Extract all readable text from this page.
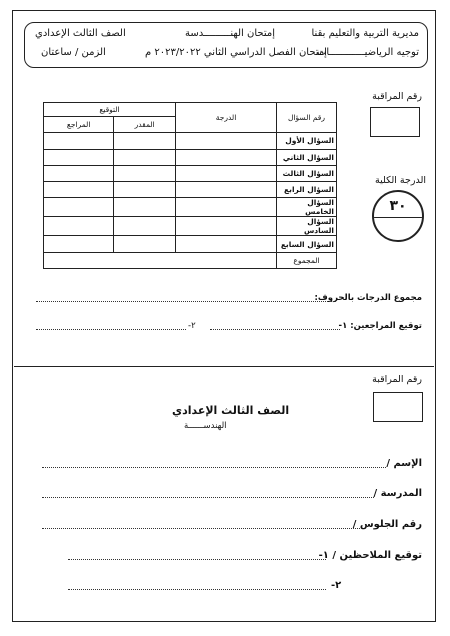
مديرية التربية والتعليم بقنا
توجيه الرياضيــــــــــــات
إمتحان الهنـــــــــدسة
إمتحان الفصل الدراسي الثاني ٢٠٢٣/٢٠٢٢ م
الصف الثالث الإعدادي
الزمن / ساعتان
رقم المراقبة
الدرجة الكلية
٣٠
رقم السؤال	الدرجة	التوقيع	
		المقدر	المراجع
السؤال الأول			
السؤال الثاني			
السؤال الثالث			
السؤال الرابع			
السؤال الخامس			
السؤال السادس			
السؤال السابع			
المجموع			
مجموع الدرجات بالحروف:
توقيع المراجعين: ١-
٢-
رقم المراقبة
الصف الثالث الإعدادي
الهندســــــة
الإسم /
المدرسة /
رقم الجلوس /
توقيع الملاحظين / ١-
٢-
